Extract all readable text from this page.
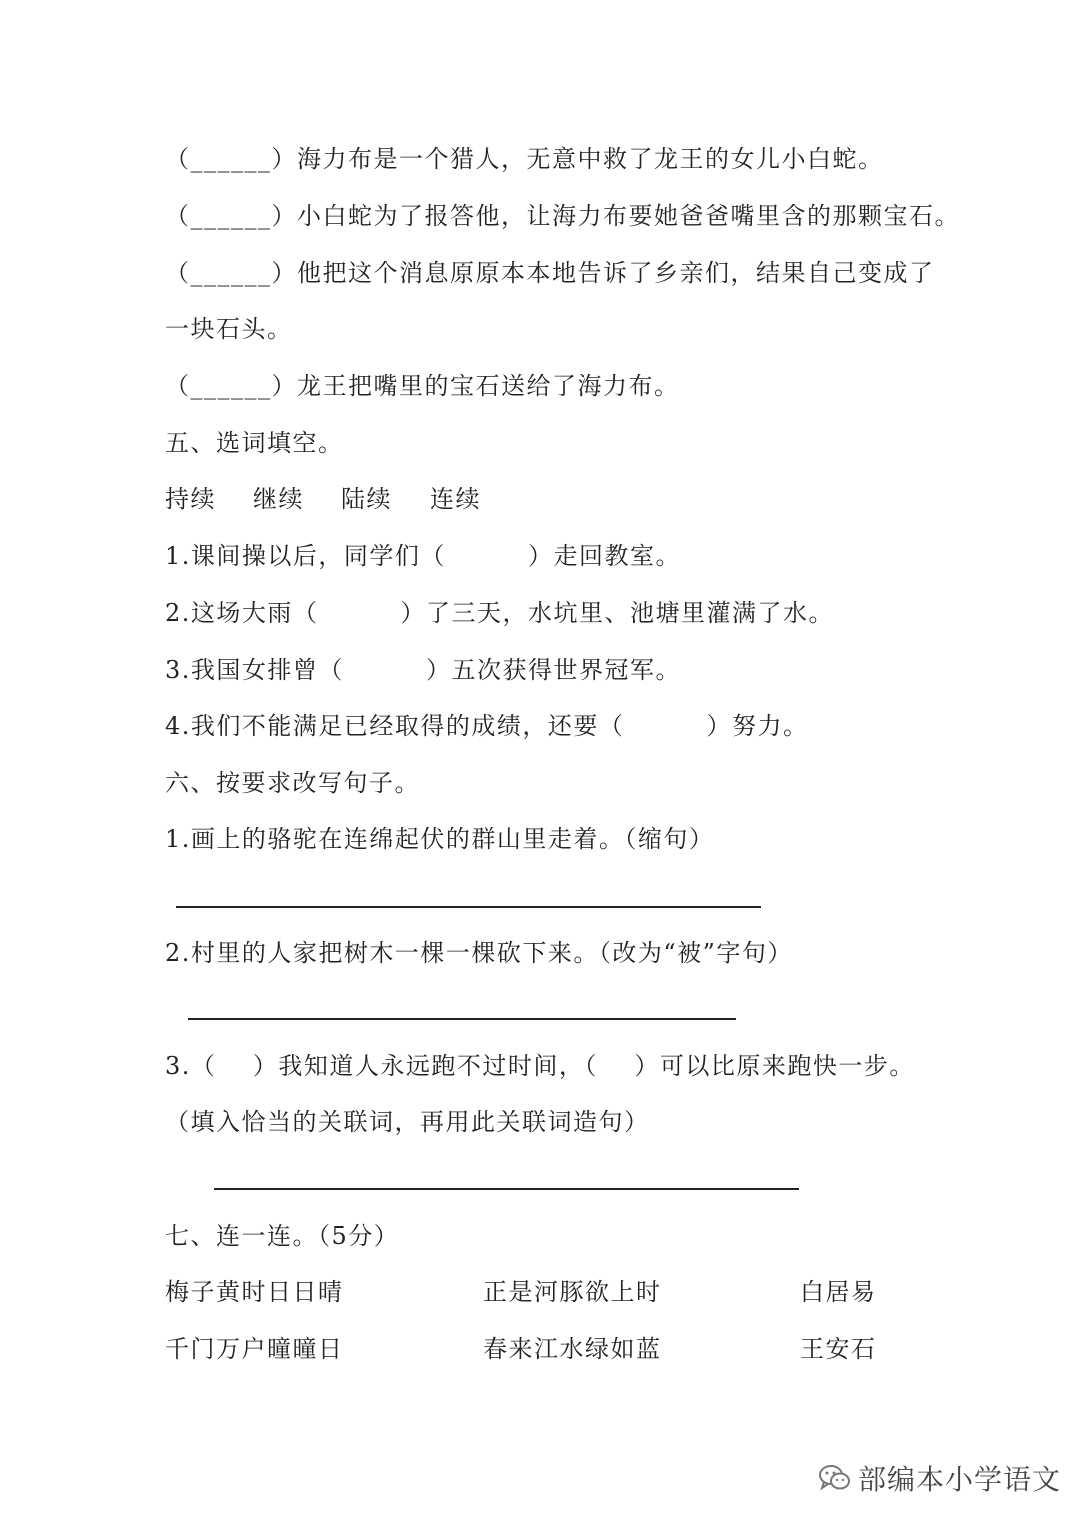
（______）海力布是一个猎人，无意中救了龙王的女儿小白蛇。
（______）小白蛇为了报答他，让海力布要她爸爸嘴里含的那颗宝石。
（______）他把这个消息原原本本地告诉了乡亲们，结果自己变成了
一块石头。
（______）龙王把嘴里的宝石送给了海力布。
五、选词填空。
持续 继续 陆续 连续
1.课间操以后，同学们（         ）走回教室。
2.这场大雨（         ）了三天，水坑里、池塘里灌满了水。
3.我国女排曾（         ）五次获得世界冠军。
4.我们不能满足已经取得的成绩，还要（         ）努力。
六、按要求改写句子。
1.画上的骆驼在连绵起伏的群山里走着。（缩句）
2.村里的人家把树木一棵一棵砍下来。（改为“被”字句）
3.（    ）我知道人永远跑不过时间，（    ）可以比原来跑快一步。
（填入恰当的关联词，再用此关联词造句）
七、连一连。（5分）
梅子黄时日日晴	正是河豚欲上时	白居易
千门万户曈曈日	春来江水绿如蓝	王安石
部编本小学语文
